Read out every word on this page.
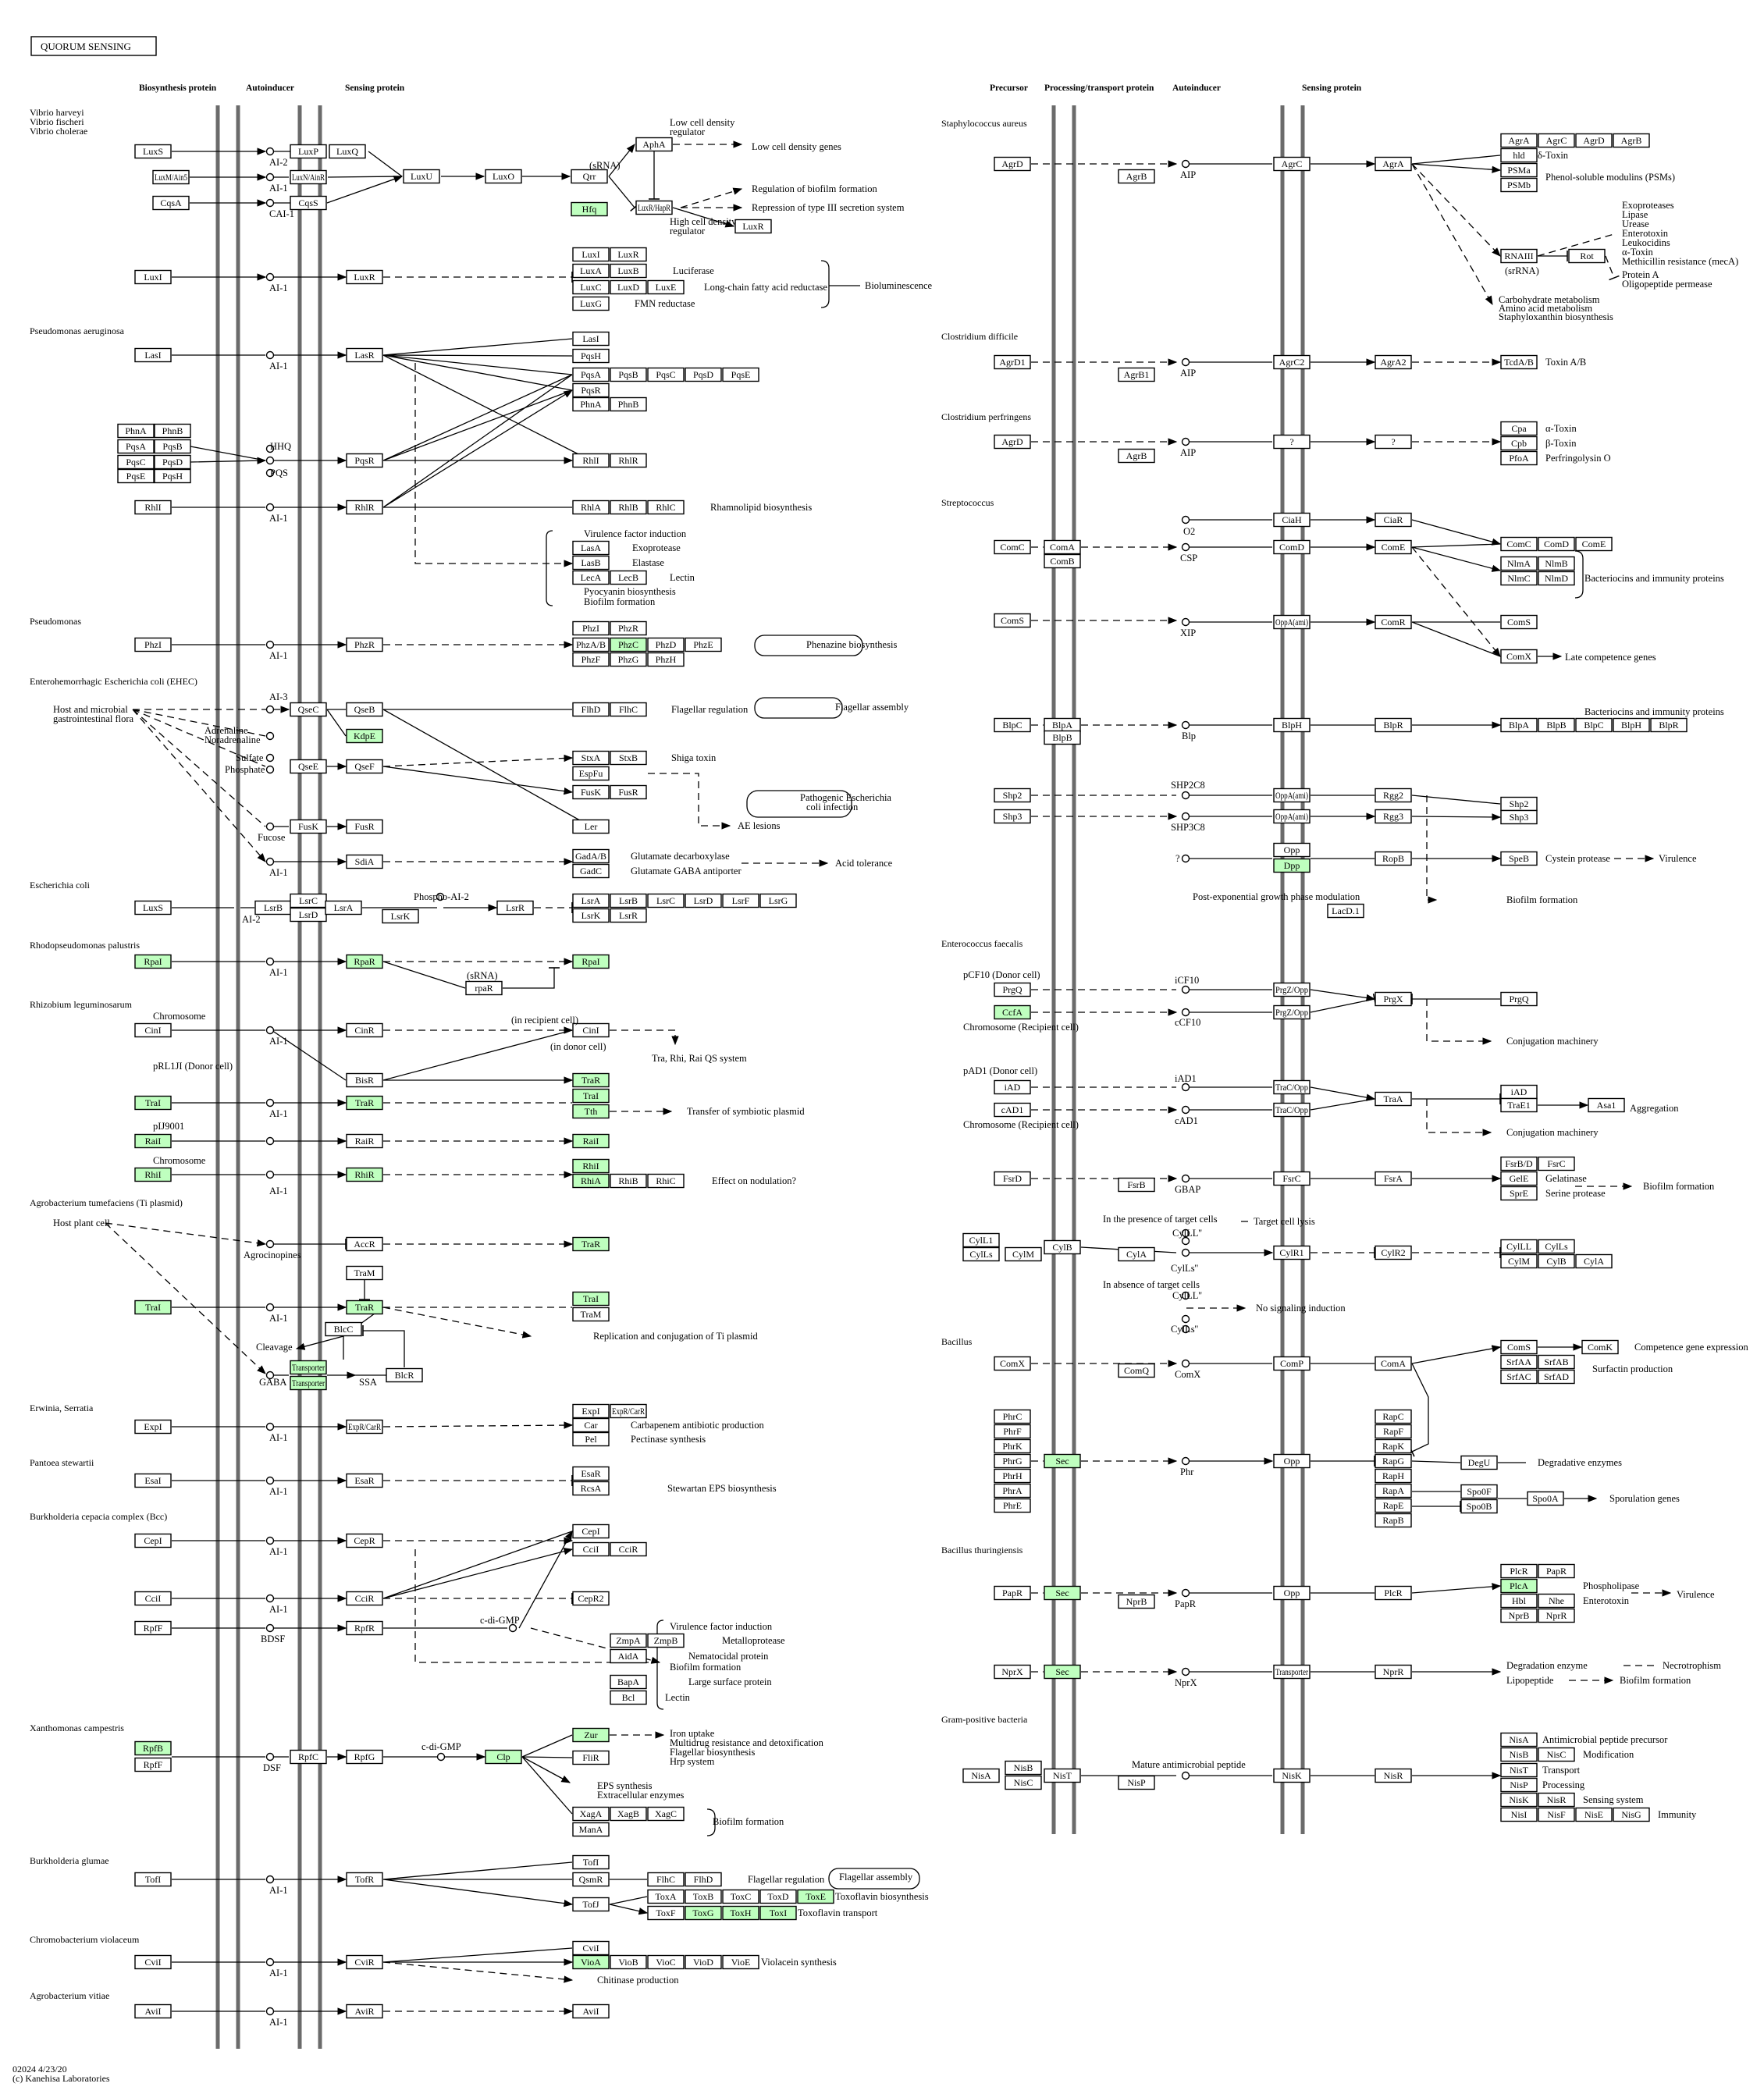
QUORUM SENSING
Biosynthesis protein	Autoinducer	Sensing protein	Precursor Processing/transport protein Autoinducer	Sensing protein
LuxS
LuxM/Ain5
CqsA
LuxP
LuxN/AinR
CqsS
LuxQ
LuxU	LuxO	Qrr
Hfq
AphA
LuxR/HapR
LuxR
LuxI	LuxR
LuxI LuxR
LuxA LuxB
LuxC LuxD LuxE
LuxG
LasI	LasR
LasI
PqsH
PqsA PqsB PqsC PqsD PqsE
PqsR
PhnA PhnB
PhnA PhnB
PqsA PqsB
PqsC PqsD
PqsE PqsH
PqsR	RhlI RhlR
RhlI	RhlR	RhlA RhlB RhlC
LasA
LasB
LecA LecB
PhzI	PhzR
PhzI PhzR
PhzA/B PhzC PhzD PhzE
PhzF PhzG PhzH
QseC	QseB	FlhD FlhC
KdpE
QseE	QseF
StxA StxB
EspFu
FusK FusR
FusK	FusR	Ler
SdiA	GadA/B
GadC
LuxS	LsrB
LsrC
LsrD
LsrA
LsrK
LsrR
LsrA LsrB LsrC LsrD LsrF LsrG
LsrK LsrR
RpaI	RpaR	RpaI
rpaR
CinI	CinR	CinI
BisR	TraR
TraI
Tth
TraI	TraR
RaiI	RaiR	RaiI
RhiI	RhiR
RhiI
RhiA RhiB RhiC
AccR	TraR
TraM
TraI	TraR
TraI
TraM
BlcC
Transporter
Transporter
BlcR
ExpI	ExpR/CarR
ExpI ExpR/CarR
Car
Pel
EsaI	EsaR
EsaR
RcsA
CepI	CepR
CepI
CciI CciR
CciI	CciR	CepR2
RpfF	RpfR
ZmpA ZmpB
AidA
BapA
Bcl
RpfB
RpfF
RpfC	RpfG	Clp
Zur
FliR
XagA XagB XagC
ManA
TofI	TofR
TofI
QsmR	FlhC FlhD
TofJ
ToxA ToxB ToxC ToxD ToxE
ToxF ToxG ToxH ToxI
CviI	CviR
CviI
VioA VioB VioC VioD VioE
AviI	AviR	AviI
AgrD
AgrB
AgrC	AgrA
AgrA AgrC AgrD AgrB
hld
PSMa
PSMb
RNAIII	Rot
AgrD1
AgrB1
AgrC2	AgrA2	TcdA/B
AgrD
AgrB
?	?
Cpa
Cpb
PfoA
CiaH	CiaR
ComC	ComA
ComB
ComD	ComE	ComC ComD ComE
NlmA NlmB
NlmC NlmD
ComS	OppA(ami)	ComR	ComS
ComX
BlpC	BlpA
BlpB
BlpH	BlpR	BlpA BlpB BlpC BlpH BlpR
Shp2
Shp3
OppA(ami)
OppA(ami)
Rgg2
Rgg3
Shp2
Shp3
Opp
Dpp
RopB	SpeB
LacD.1
PrgQ
CcfA
PrgZ/Opp
PrgZ/Opp
PrgX	PrgQ
iAD
cAD1
TraC/Opp
TraC/Opp
TraA
iAD
TraE1	Asa1
FsrD
FsrB
FsrC	FsrA
FsrB/D FsrC
GelE
SprE
CylL1
CylLs CylM
CylB
CylA	CylR1	CylR2
CylLL CylLs
CylM CylB CylA
ComX
ComQ
ComP	ComA
ComS	ComK
SrfAA SrfAB
SrfAC SrfAD
PhrC
PhrF
PhrK
PhrG
PhrH
PhrA
PhrE
Sec	Opp
RapC
RapF
RapK
RapG
RapH
RapA
RapE
RapB
DegU
Spo0F
Spo0B
Spo0A
PapR	Sec
NprB
Opp	PlcR
PlcR PapR
PlcA
Hbl Nhe
NprB NprR
NprX	Sec	Transporter	NprR
NisA
NisB
NisC
NisT
NisP
NisK	NisR
NisA
NisB NisC
NisT
NisP
NisK NisR
NisI NisF NisE NisG
AI-2
AI-1
CAI-1
(sRNA)
Low cell density
regulator
Low cell density genes
Regulation of biofilm formation
Repression of type III secretion system
High cell density
regulator
AI-1
Luciferase
Long-chain fatty acid reductase
FMN reductase
Bioluminescence
AI-1
HHQ
PQS
AI-1
Rhamnolipid biosynthesis
Virulence factor induction
Exoprotease
Elastase
Lectin
Pyocyanin biosynthesis
Biofilm formation
AI-1
Phenazine biosynthesis
AI-3
Host and microbial
gastrointestinal flora
Adrenaline
Noradrenaline
Flagellar regulation	Flagellar assembly
Sulfate
Phosphate
Shiga toxin
Pathogenic Escherichia
coli infection
AE lesions
Fucose
AI-1
Glutamate decarboxylase
Glutamate GABA antiporter
Acid tolerance
Phospho-AI-2
AI-2
AI-1	(sRNA)
Chromosome
AI-1
(in recipient cell)
(in donor cell)
Tra, Rhi, Rai QS system
pRL1JI (Donor cell)
AI-1	Transfer of symbiotic plasmid
pIJ9001
Chromosome
AI-1
Effect on nodulation?
Host plant cell
Agrocinopines
AI-1
Replication and conjugation of Ti plasmid
Cleavage
GABA	SSA
AI-1
Carbapenem antibiotic production
Pectinase synthesis
AI-1	Stewartan EPS biosynthesis
AI-1
AI-1
BDSF
c-di-GMP
Virulence factor induction
Metalloprotease
Nematocidal protein
Biofilm formation
Large surface protein
Lectin
DSF
c-di-GMP
Iron uptake
Multidrug resistance and detoxification
Flagellar biosynthesis
Hrp system
EPS synthesis
Extracellular enzymes
Biofilm formation
AI-1
Flagellar regulation Flagellar assembly
Toxoflavin biosynthesis
Toxoflavin transport
AI-1
Violacein synthesis
Chitinase production
AI-1
AIP
δ-Toxin
Phenol-soluble modulins (PSMs)
Exoproteases
Lipase
Urease
Enterotoxin
Leukocidins
α-Toxin
Methicillin resistance (mecA)
(srRNA)	Protein A
Oligopeptide permease
Carbohydrate metabolism
Amino acid metabolism
Staphyloxanthin biosynthesis
AIP
Toxin A/B
AIP
α-Toxin
β-Toxin
Perfringolysin O
O2
CSP
Bacteriocins and immunity proteins
XIP
Late competence genes
Bacteriocins and immunity proteins
Blp
SHP2C8
SHP3C8
?	Cystein protease	Virulence
Post-exponential growth phase modulation	Biofilm formation
pCF10 (Donor cell)	iCF10
cCF10
Chromosome (Recipient cell)
Conjugation machinery
pAD1 (Donor cell)
iAD1
cAD1
Chromosome (Recipient cell)
Aggregation
Conjugation machinery
GBAP
Gelatinase
Serine protease
Biofilm formation
In the presence of target cells	Target cell lysis
CylLL''
CylLs''
In absence of target cells
CylLL''
No signaling induction
CylLs''
Competence gene expression
Surfactin production
ComX
Degradative enzymes
Phr
Sporulation genes
PapR
Phospholipase
Virulence
Enterotoxin
NprX
Degradation enzyme	Necrotrophism
Lipopeptide	Biofilm formation
Mature antimicrobial peptide
Antimicrobial peptide precursor
Modification
Transport
Processing
Sensing system
Immunity
Vibrio harveyi Vibrio fischeri Vibrio cholerae
Pseudomonas aeruginosa
Pseudomonas
Enterohemorrhagic Escherichia coli (EHEC)
Escherichia coli
Rhodopseudomonas palustris
Rhizobium leguminosarum
Agrobacterium tumefaciens (Ti plasmid)
Erwinia, Serratia
Pantoea stewartii
Burkholderia cepacia complex (Bcc)
Xanthomonas campestris
Burkholderia glumae
Chromobacterium violaceum
Agrobacterium vitiae
Staphylococcus aureus
Clostridium difficile
Clostridium perfringens
Streptococcus
Enterococcus faecalis
Bacillus
Bacillus thuringiensis
Gram-positive bacteria
02024 4/23/20
(c) Kanehisa Laboratories
